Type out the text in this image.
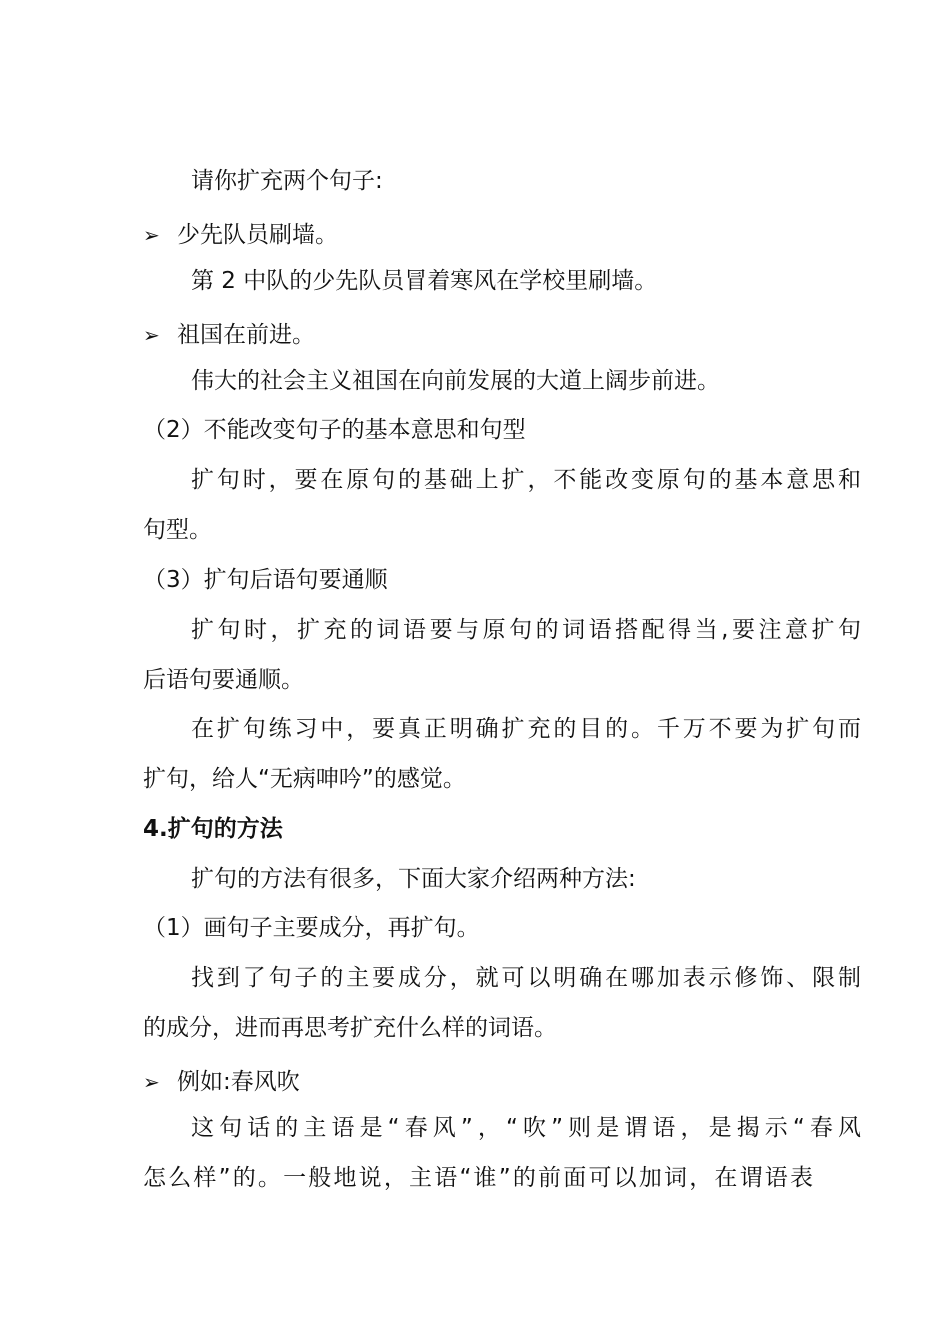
请你扩充两个句子:
➢ 少先队员刷墙。
第 2 中队的少先队员冒着寒风在学校里刷墙。
➢ 祖国在前进。
伟大的社会主义祖国在向前发展的大道上阔步前进。
（2）不能改变句子的基本意思和句型
扩句时，要在原句的基础上扩，不能改变原句的基本意思和
句型。
（3）扩句后语句要通顺
扩句时，扩充的词语要与原句的词语搭配得当,要注意扩句
后语句要通顺。
在扩句练习中，要真正明确扩充的目的。千万不要为扩句而
扩句，给人“无病呻吟”的感觉。
4.扩句的方法
扩句的方法有很多，下面大家介绍两种方法:
（1）画句子主要成分，再扩句。
找到了句子的主要成分，就可以明确在哪加表示修饰、限制
的成分，进而再思考扩充什么样的词语。
➢ 例如:春风吹
这句话的主语是“春风”，“吹”则是谓语，是揭示“春风
怎么样”的。一般地说，主语“谁”的前面可以加词，在谓语表
